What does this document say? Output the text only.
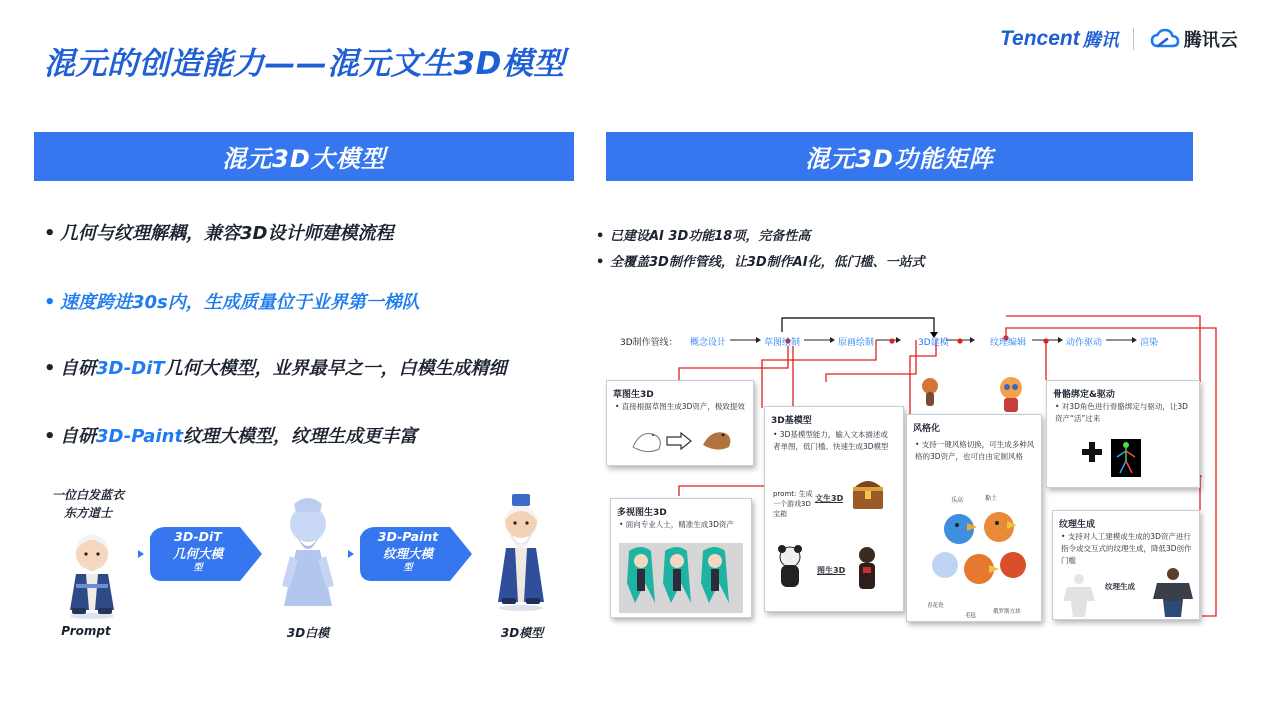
混元的创造能力——混元文生3D模型
Tencent 腾讯	腾讯云
混元3D大模型
• 几何与纹理解耦，兼容3D设计师建模流程
• 速度跨进30s内，生成质量位于业界第一梯队
• 自研3D-DiT几何大模型，业界最早之一，白模生成精细
• 自研3D-Paint纹理大模型，纹理生成更丰富
一位白发蓝衣
东方道士
3D-DiT
几何大模
型
3D-Paint
纹理大模
型
Prompt	3D白模	3D模型
混元3D功能矩阵
• 已建设AI 3D功能18项，完备性高
• 全覆盖3D制作管线，让3D制作AI化，低门槛、一站式
3D制作管线： 概念设计	草图绘制	原画绘制	3D建模	纹理编辑	动作驱动	渲染
草图生3D
• 直接根据草图生成3D资产，极致提效
多视图生3D
• 面向专业人士，精准生成3D资产
3D基模型
• 3D基模型能力，输入文本描述或者单图，低门槛、快速生成3D模型
promt: 生成一个游戏3D宝箱
文生3D
图生3D
风格化
• 支持一键风格切换，可生成多种风格的3D资产，也可自由定制风格
乐高	黏土
青花瓷
毛毡
俄罗斯方块
骨骼绑定&驱动
• 对3D角色进行骨骼绑定与驱动，让3D资产“活”过来
纹理生成
• 支持对人工建模或生成的3D资产进行指令或交互式的纹理生成，降低3D创作门槛
纹理生成
